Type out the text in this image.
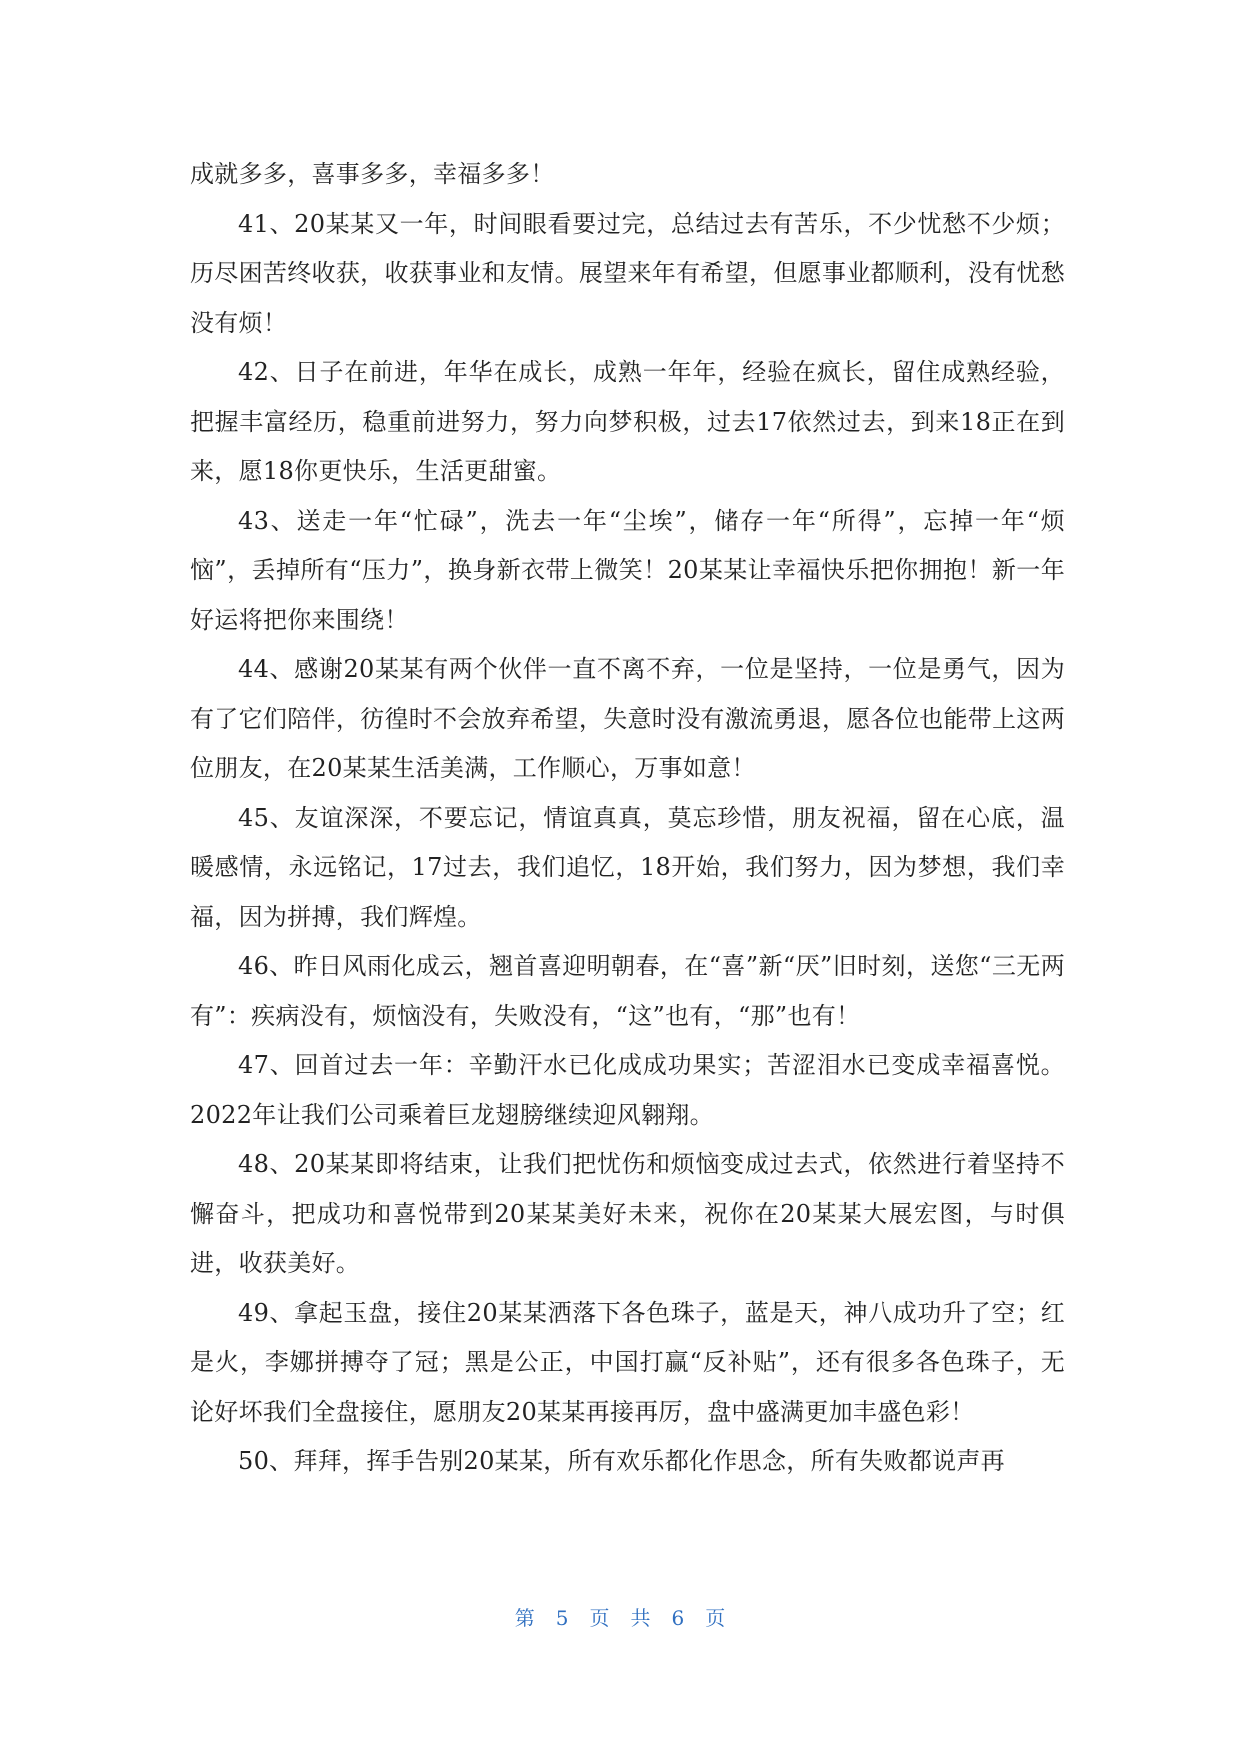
成就多多，喜事多多，幸福多多！

41、20某某又一年，时间眼看要过完，总结过去有苦乐，不少忧愁不少烦；历尽困苦终收获，收获事业和友情。展望来年有希望，但愿事业都顺利，没有忧愁没有烦！

42、日子在前进，年华在成长，成熟一年年，经验在疯长，留住成熟经验，把握丰富经历，稳重前进努力，努力向梦积极，过去17依然过去，到来18正在到来，愿18你更快乐，生活更甜蜜。

43、送走一年“忙碌”，洗去一年“尘埃”，储存一年“所得”，忘掉一年“烦恼”，丢掉所有“压力”，换身新衣带上微笑！20某某让幸福快乐把你拥抱！新一年好运将把你来围绕！

44、感谢20某某有两个伙伴一直不离不弃，一位是坚持，一位是勇气，因为有了它们陪伴，彷徨时不会放弃希望，失意时没有激流勇退，愿各位也能带上这两位朋友，在20某某生活美满，工作顺心，万事如意！

45、友谊深深，不要忘记，情谊真真，莫忘珍惜，朋友祝福，留在心底，温暖感情，永远铭记，17过去，我们追忆，18开始，我们努力，因为梦想，我们幸福，因为拼搏，我们辉煌。

46、昨日风雨化成云，翘首喜迎明朝春，在“喜”新“厌”旧时刻，送您“三无两有”：疾病没有，烦恼没有，失败没有，“这”也有，“那”也有！

47、回首过去一年：辛勤汗水已化成成功果实；苦涩泪水已变成幸福喜悦。2022年让我们公司乘着巨龙翅膀继续迎风翱翔。

48、20某某即将结束，让我们把忧伤和烦恼变成过去式，依然进行着坚持不懈奋斗，把成功和喜悦带到20某某美好未来，祝你在20某某大展宏图，与时俱进，收获美好。

49、拿起玉盘，接住20某某洒落下各色珠子，蓝是天，神八成功升了空；红是火，李娜拼搏夺了冠；黑是公正，中国打赢“反补贴”，还有很多各色珠子，无论好坏我们全盘接住，愿朋友20某某再接再厉，盘中盛满更加丰盛色彩！

50、拜拜，挥手告别20某某，所有欢乐都化作思念，所有失败都说声再

第 5 页 共 6 页
